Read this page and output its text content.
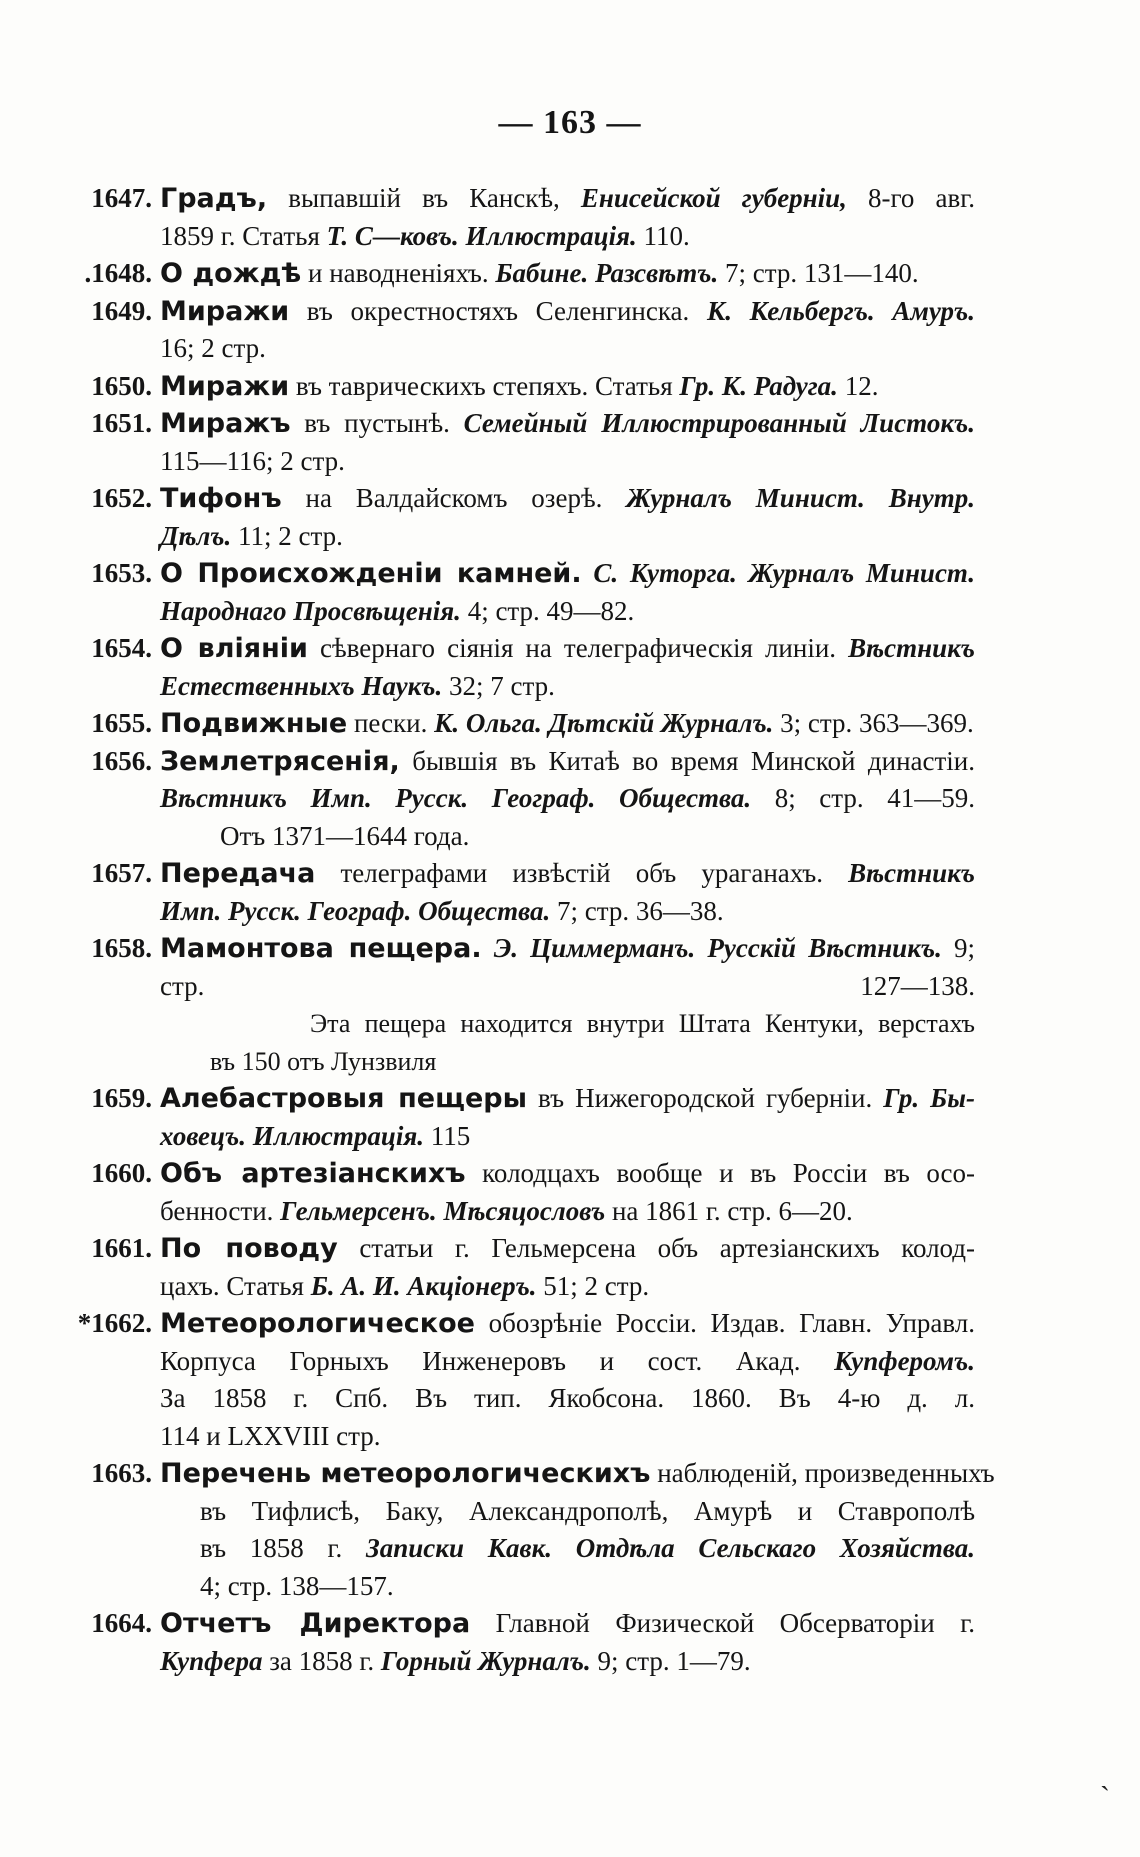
— 163 —
1647. Градъ, выпавшій въ Канскѣ, Енисейской губерніи, 8-го авг.
1859 г. Статья Т. С—ковъ. Иллюстрація. 110.
.1648. О дождѣ и наводненіяхъ. Бабинe. Разсвѣтъ. 7; стр. 131—140.
1649. Миражи въ окрестностяхъ Селенгинска. К. Кельбергъ. Амуръ.
16; 2 стр.
1650. Миражи въ таврическихъ степяхъ. Статья Гр. К. Радуга. 12.
1651. Миражъ въ пустынѣ. Семейный Иллюстрированный Листокъ.
115—116; 2 стр.
1652. Тифонъ на Валдайскомъ озерѣ. Журналъ Минист. Внутр.
Дѣлъ. 11; 2 стр.
1653. О Происхожденіи камней. С. Куторга. Журналъ Минист.
Народнаго Просвѣщенія. 4; стр. 49—82.
1654. О вліяніи сѣвернаго сіянія на телеграфическія линіи. Вѣстникъ
Естественныхъ Наукъ. 32; 7 стр.
1655. Подвижные пески. К. Ольга. Дѣтскій Журналъ. 3; стр. 363—369.
1656. Землетрясенія, бывшія въ Китаѣ во время Минской династіи.
Вѣстникъ Имп. Русск. Географ. Общества. 8; стр. 41—59.
Отъ 1371—1644 года.
1657. Передача телеграфами извѣстій объ ураганахъ. Вѣстникъ
Имп. Русск. Географ. Общества. 7; стр. 36—38.
1658. Мамонтова пещера. Э. Циммерманъ. Русскій Вѣстникъ. 9;
стр. 127—138.
Эта пещера находится внутри Штата Кентуки, верстахъ
въ 150 отъ Лунзвиля
1659. Алебастровыя пещеры въ Нижегородской губерніи. Гр. Бы-
ховецъ. Иллюстрація. 115
1660. Объ артезіанскихъ колодцахъ вообще и въ Россіи въ осо-
бенности. Гельмерсенъ. Мѣсяцословъ на 1861 г. стр. 6—20.
1661. По поводу статьи г. Гельмерсена объ артезіанскихъ колод-
цахъ. Статья Б. А. И. Акціонеръ. 51; 2 стр.
*1662. Метеорологическое обозрѣніе Россіи. Издав. Главн. Управл.
Корпуса Горныхъ Инженеровъ и сост. Акад. Купферомъ.
За 1858 г. Спб. Въ тип. Якобсона. 1860. Въ 4-ю д. л.
114 и LXXVIII стр.
1663. Перечень метеорологическихъ наблюденій, произведенныхъ
въ Тифлисѣ, Баку, Александрополѣ, Амурѣ и Ставрополѣ
въ 1858 г. Записки Кавк. Отдѣла Сельскаго Хозяйства.
4; стр. 138—157.
1664. Отчетъ Директора Главной Физической Обсерваторіи г.
Купфера за 1858 г. Горный Журналъ. 9; стр. 1—79.
ˏ
